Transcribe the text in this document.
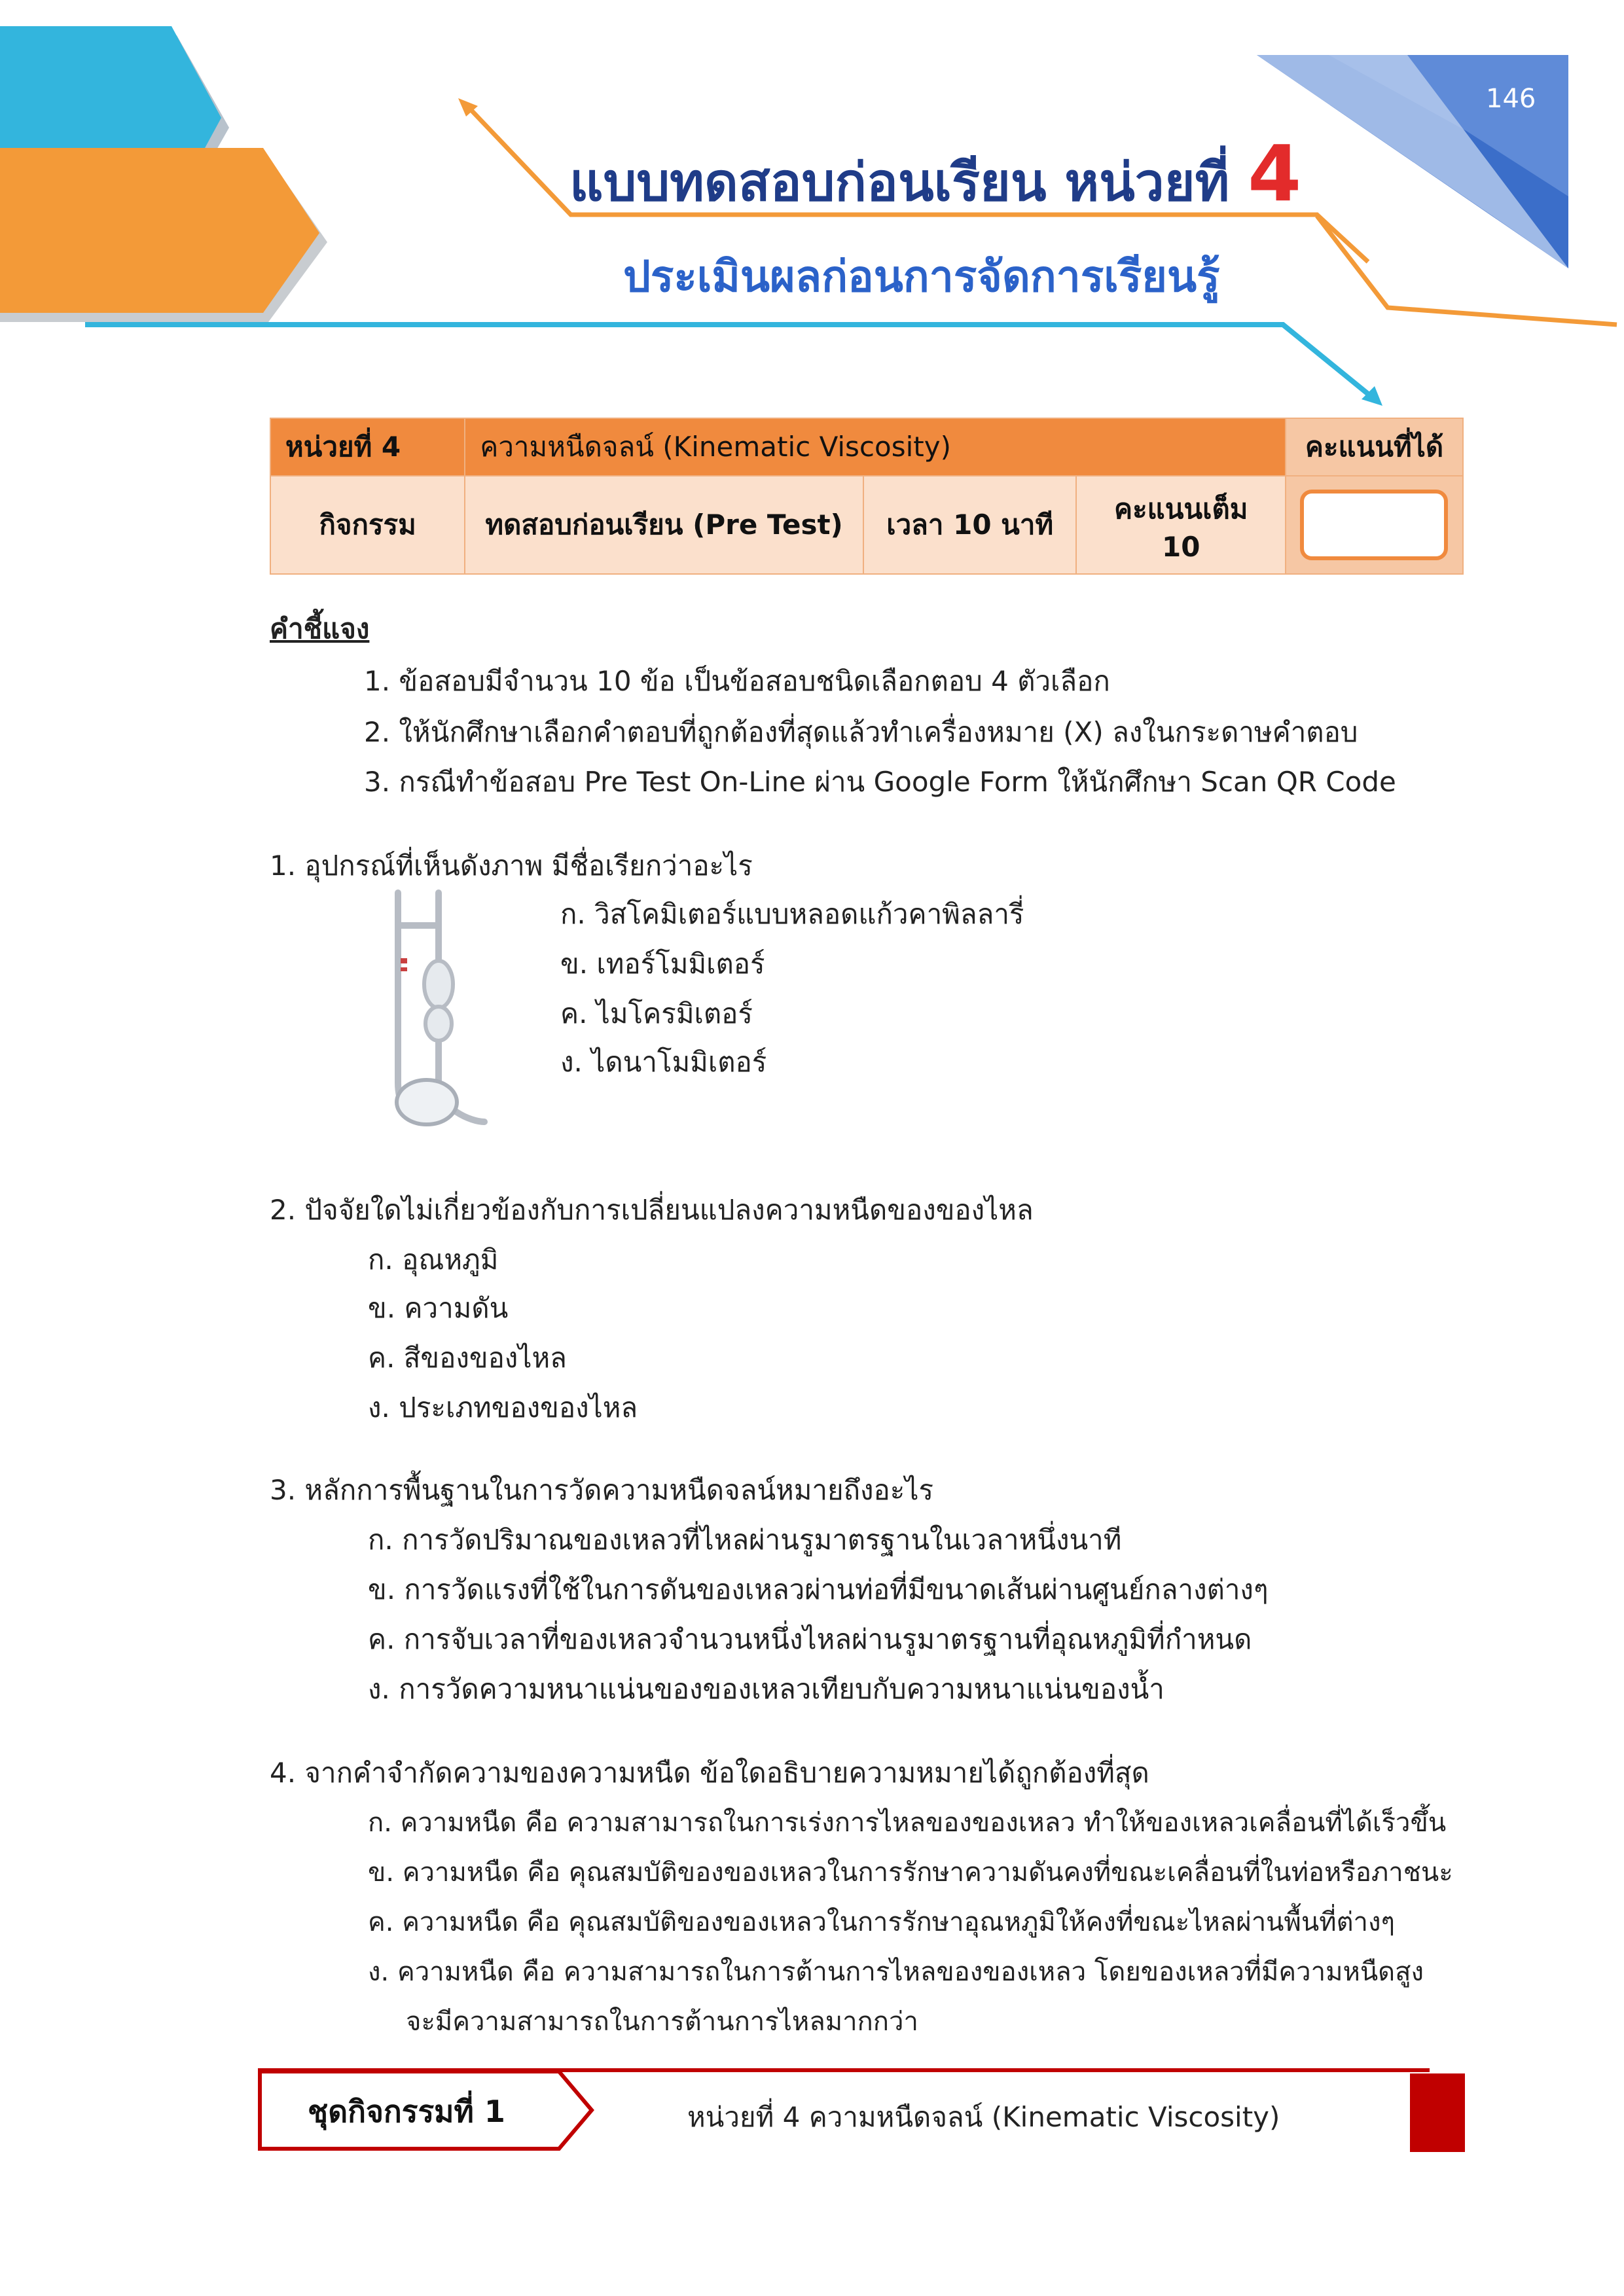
146
แบบทดสอบก่อนเรียน หน่วยที่ 4
ประเมินผลก่อนการจัดการเรียนรู้
หน่วยที่ 4	ความหนืดจลน์ (Kinematic Viscosity)			คะแนนที่ได้
กิจกรรม	ทดสอบก่อนเรียน (Pre Test)	เวลา 10 นาที	คะแนนเต็ม 10	
คำชี้แจง
1. ข้อสอบมีจำนวน 10 ข้อ เป็นข้อสอบชนิดเลือกตอบ 4 ตัวเลือก
2. ให้นักศึกษาเลือกคำตอบที่ถูกต้องที่สุดแล้วทำเครื่องหมาย (X) ลงในกระดาษคำตอบ
3. กรณีทำข้อสอบ Pre Test On-Line ผ่าน Google Form ให้นักศึกษา Scan QR Code
1. อุปกรณ์ที่เห็นดังภาพ มีชื่อเรียกว่าอะไร
ก. วิสโคมิเตอร์แบบหลอดแก้วคาพิลลารี่
ข. เทอร์โมมิเตอร์
ค. ไมโครมิเตอร์
ง. ไดนาโมมิเตอร์
2. ปัจจัยใดไม่เกี่ยวข้องกับการเปลี่ยนแปลงความหนืดของของไหล
ก. อุณหภูมิ
ข. ความดัน
ค. สีของของไหล
ง. ประเภทของของไหล
3. หลักการพื้นฐานในการวัดความหนืดจลน์หมายถึงอะไร
ก. การวัดปริมาณของเหลวที่ไหลผ่านรูมาตรฐานในเวลาหนึ่งนาที
ข. การวัดแรงที่ใช้ในการดันของเหลวผ่านท่อที่มีขนาดเส้นผ่านศูนย์กลางต่างๆ
ค. การจับเวลาที่ของเหลวจำนวนหนึ่งไหลผ่านรูมาตรฐานที่อุณหภูมิที่กำหนด
ง. การวัดความหนาแน่นของของเหลวเทียบกับความหนาแน่นของน้ำ
4. จากคำจำกัดความของความหนืด ข้อใดอธิบายความหมายได้ถูกต้องที่สุด
ก. ความหนืด คือ ความสามารถในการเร่งการไหลของของเหลว ทำให้ของเหลวเคลื่อนที่ได้เร็วขึ้น
ข. ความหนืด คือ คุณสมบัติของของเหลวในการรักษาความดันคงที่ขณะเคลื่อนที่ในท่อหรือภาชนะ
ค. ความหนืด คือ คุณสมบัติของของเหลวในการรักษาอุณหภูมิให้คงที่ขณะไหลผ่านพื้นที่ต่างๆ
ง. ความหนืด คือ ความสามารถในการต้านการไหลของของเหลว โดยของเหลวที่มีความหนืดสูง
จะมีความสามารถในการต้านการไหลมากกว่า
ชุดกิจกรรมที่ 1	หน่วยที่ 4 ความหนืดจลน์ (Kinematic Viscosity)
